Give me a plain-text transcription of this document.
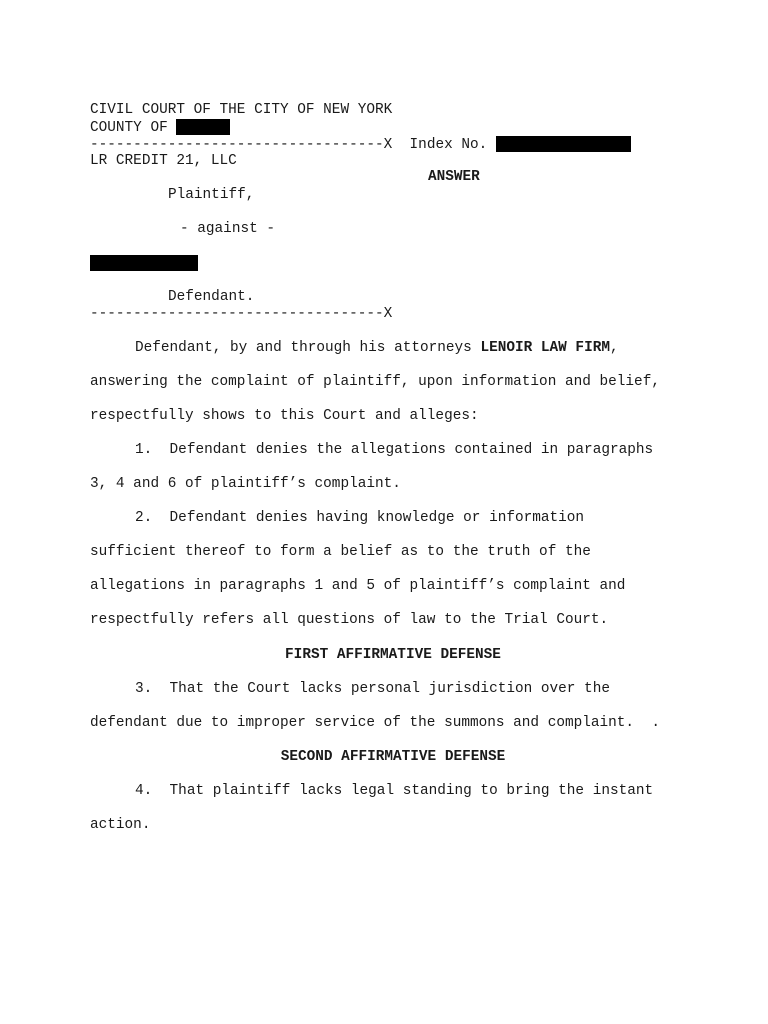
CIVIL COURT OF THE CITY OF NEW YORK
COUNTY OF
----------------------------------X Index No.
LR CREDIT 21, LLC
ANSWER
Plaintiff,
- against -
Defendant.
----------------------------------X
Defendant, by and through his attorneys LENOIR LAW FIRM,
answering the complaint of plaintiff, upon information and belief,
respectfully shows to this Court and alleges:
1.  Defendant denies the allegations contained in paragraphs
3, 4 and 6 of plaintiff’s complaint.
2.  Defendant denies having knowledge or information
sufficient thereof to form a belief as to the truth of the
allegations in paragraphs 1 and 5 of plaintiff’s complaint and
respectfully refers all questions of law to the Trial Court.
FIRST AFFIRMATIVE DEFENSE
3.  That the Court lacks personal jurisdiction over the
defendant due to improper service of the summons and complaint.  .
SECOND AFFIRMATIVE DEFENSE
4.  That plaintiff lacks legal standing to bring the instant
action.
